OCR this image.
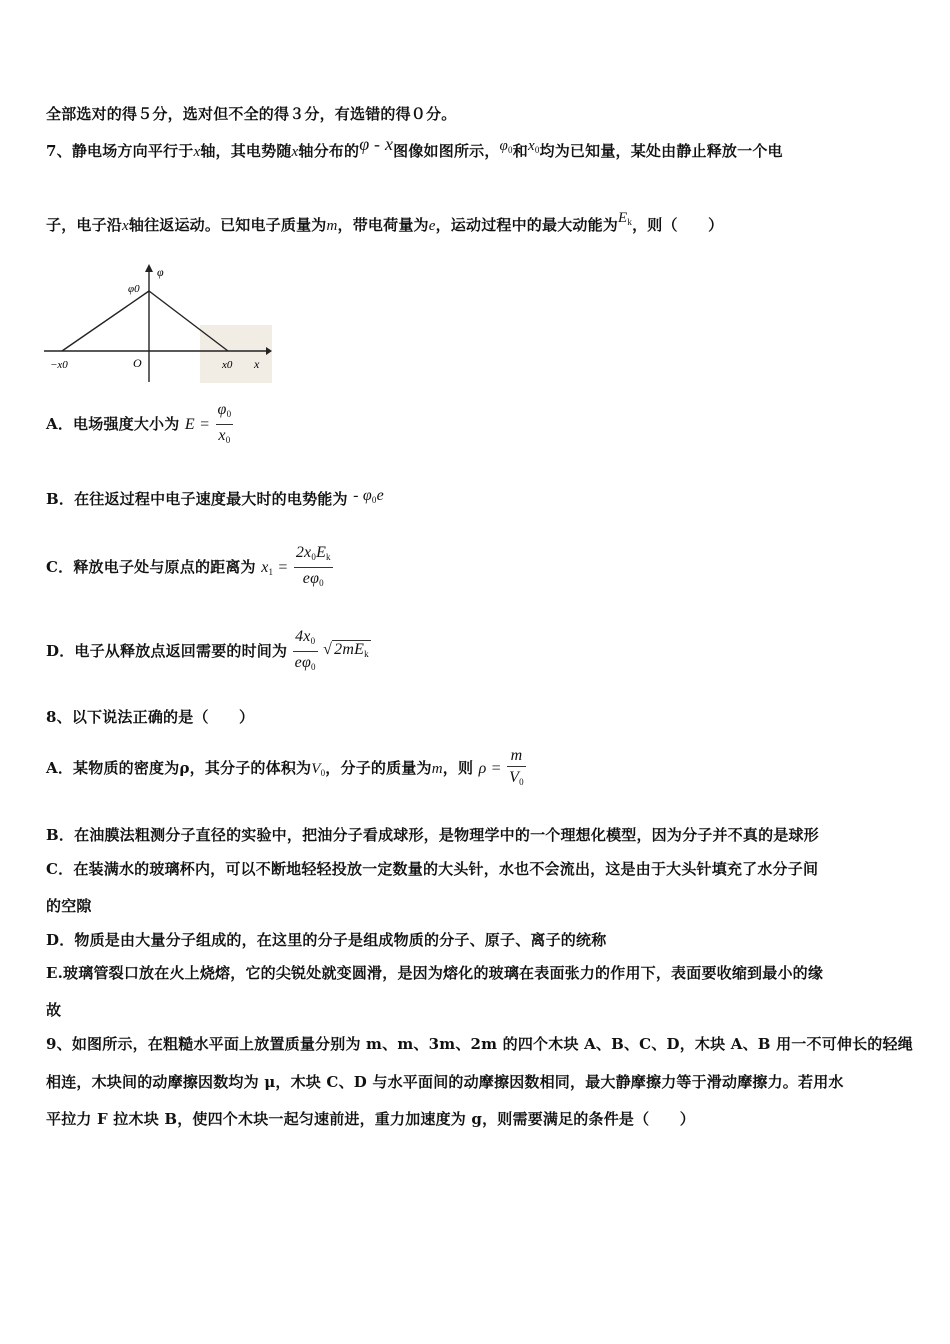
全部选对的得５分，选对但不全的得３分，有选错的得０分。
7、静电场方向平行于x轴，其电势随x轴分布的φ - x图像如图所示，$\varphi_0$和$x_0$均为已知量，某处由静止释放一个电
子，电子沿x轴往返运动。已知电子质量为m，带电荷量为e，运动过程中的最大动能为$E_k$，则（　　）
φ
φ0
O
−x0	x0 x
A．电场强度大小为 $E = \frac{\varphi_0}{x_0}$
B．在往返过程中电子速度最大时的电势能为 - $\varphi_0e$
C．释放电子处与原点的距离为 $x_1 = \frac{2x_0E_k}{e\varphi_0}$
D．电子从释放点返回需要的时间为 $\frac{4x_0}{e\varphi_0}$ √ $2mE_k$
8、以下说法正确的是（　　）
A．某物质的密度为ρ，其分子的体积为$V_0$，分子的质量为m，则 $\rho = \frac{m}{V_0}$
B．在油膜法粗测分子直径的实验中，把油分子看成球形，是物理学中的一个理想化模型，因为分子并不真的是球形
C．在装满水的玻璃杯内，可以不断地轻轻投放一定数量的大头针，水也不会流出，这是由于大头针填充了水分子间
的空隙
D．物质是由大量分子组成的，在这里的分子是组成物质的分子、原子、离子的统称
E.玻璃管裂口放在火上烧熔，它的尖锐处就变圆滑，是因为熔化的玻璃在表面张力的作用下，表面要收缩到最小的缘
故
9、如图所示，在粗糙水平面上放置质量分别为 m、m、3m、2m 的四个木块 A、B、C、D，木块 A、B 用一不可伸长的轻绳
相连，木块间的动摩擦因数均为 μ，木块 C、D 与水平面间的动摩擦因数相同，最大静摩擦力等于滑动摩擦力。若用水
平拉力 F 拉木块 B，使四个木块一起匀速前进，重力加速度为 g，则需要满足的条件是（　　）
